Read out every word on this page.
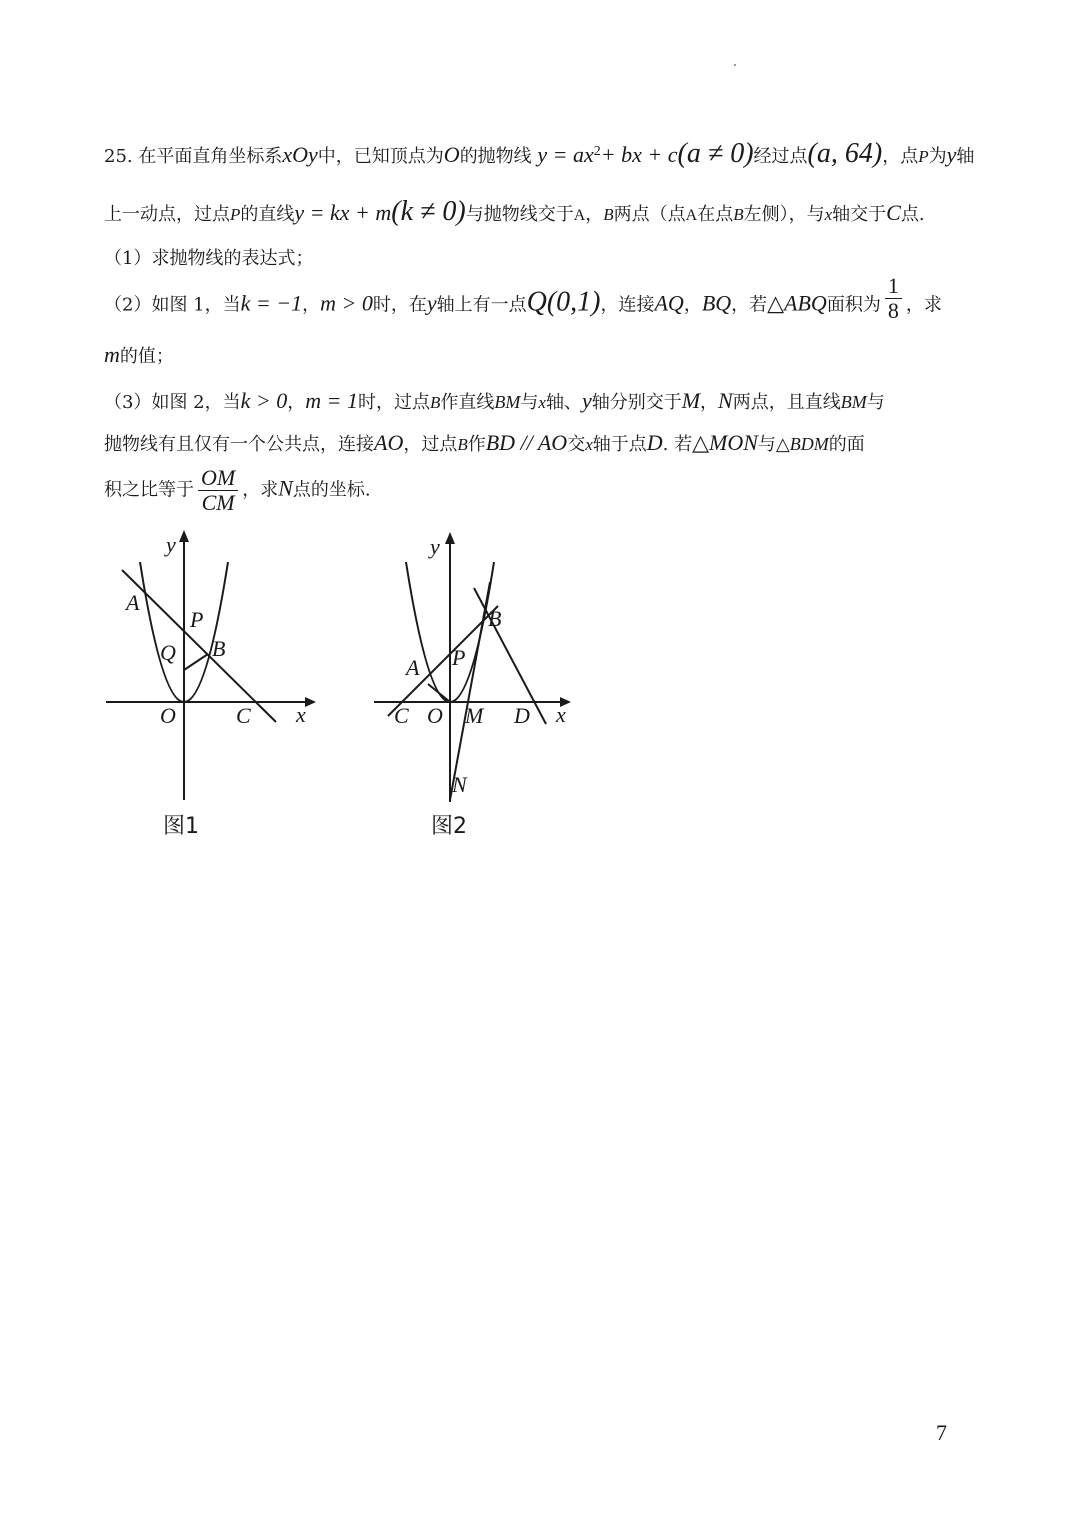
25. 在平面直角坐标系xOy中，已知顶点为O的抛物线 $y = ax^2+$ bx + c(a ≠ 0)经过点(a, 64)，点P为y轴
上一动点，过点P的直线y = kx + m(k ≠ 0)与抛物线交于A，B两点（点A在点B左侧），与x轴交于C点.
（1）求抛物线的表达式；
（2）如图 1，当k = −1，m > 0时，在y轴上有一点Q(0,1)，连接AQ，BQ，若△ABQ面积为 $\frac{1}{8}$ ，求
m的值；
（3）如图 2，当k > 0，m = 1时，过点B作直线BM与x轴、y轴分别交于M，N两点，且直线BM与
抛物线有且仅有一个公共点，连接AO，过点B作BD // AO交x轴于点D. 若△MON与△BDM的面
积之比等于 $\frac{OM}{CM}$ ，求N点的坐标.
y
x
A
P
Q B
O	C
图1
y
x
B
A P
C O M D
N
图2
7
